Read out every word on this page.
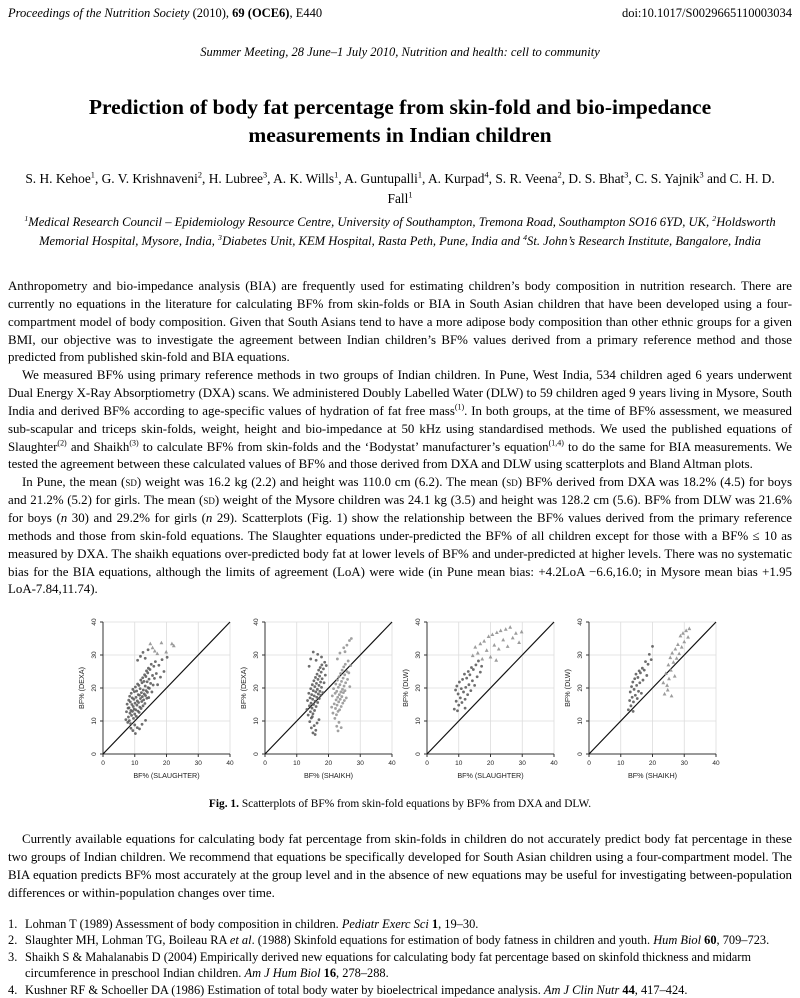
Proceedings of the Nutrition Society (2010), 69 (OCE6), E440	doi:10.1017/S0029665110003034
Summer Meeting, 28 June–1 July 2010, Nutrition and health: cell to community
Prediction of body fat percentage from skin-fold and bio-impedance measurements in Indian children
S. H. Kehoe$^1$, G. V. Krishnaveni$^2$, H. Lubree$^3$, A. K. Wills$^1$, A. Guntupalli$^1$, A. Kurpad$^4$, S. R. Veena$^2$, D. S. Bhat$^3$, C. S. Yajnik$^3$ and C. H. D. Fall$^1$
$^1$Medical Research Council – Epidemiology Resource Centre, University of Southampton, Tremona Road, Southampton SO16 6YD, UK, $^2$Holdsworth Memorial Hospital, Mysore, India, $^3$Diabetes Unit, KEM Hospital, Rasta Peth, Pune, India and $^4$St. John’s Research Institute, Bangalore, India

Anthropometry and bio-impedance analysis (BIA) are frequently used for estimating children’s body composition in nutrition research. There are currently no equations in the literature for calculating BF% from skin-folds or BIA in South Asian children that have been developed using a four-compartment model of body composition. Given that South Asians tend to have a more adipose body composition than other ethnic groups for a given BMI, our objective was to investigate the agreement between Indian children’s BF% values derived from a primary reference method and those predicted from published skin-fold and BIA equations.

We measured BF% using primary reference methods in two groups of Indian children. In Pune, West India, 534 children aged 6 years underwent Dual Energy X-Ray Absorptiometry (DXA) scans. We administered Doubly Labelled Water (DLW) to 59 children aged 9 years living in Mysore, South India and derived BF% according to age-specific values of hydration of fat free mass$^{(1)}$. In both groups, at the time of BF% assessment, we measured sub-scapular and triceps skin-folds, weight, height and bio-impedance at 50 kHz using standardised methods. We used the published equations of Slaughter$^{(2)}$ and Shaikh$^{(3)}$ to calculate BF% from skin-folds and the ‘Bodystat’ manufacturer’s equation$^{(1,4)}$ to do the same for BIA measurements. We tested the agreement between these calculated values of BF% and those derived from DXA and DLW using scatterplots and Bland Altman plots.

In Pune, the mean (sd) weight was 16.2 kg (2.2) and height was 110.0 cm (6.2). The mean (sd) BF% derived from DXA was 18.2% (4.5) for boys and 21.2% (5.2) for girls. The mean (sd) weight of the Mysore children was 24.1 kg (3.5) and height was 128.2 cm (5.6). BF% from DLW was 21.6% for boys (n 30) and 29.2% for girls (n 29). Scatterplots (Fig. 1) show the relationship between the BF% values derived from the primary reference methods and those from skin-fold equations. The Slaughter equations under-predicted the BF% of all children except for those with a BF% ≤ 10 as measured by DXA. The shaikh equations over-predicted body fat at lower levels of BF% and under-predicted at higher levels. There was no systematic bias for the BIA equations, although the limits of agreement (LoA) were wide (in Pune mean bias: +4.2LoA −6.6,16.0; in Mysore mean bias +1.95 LoA-7.84,11.74).

0	10	20	30	40
0
10
20
30
40
BF% (SLAUGHTER)
BF% (DEXA)
0	10	20	30	40
0
10
20
30
40
BF% (SHAIKH)
BF% (DEXA)
0	10	20	30	40
0
10
20
30
40
BF% (SLAUGHTER)
BF% (DLW)
0	10	20	30	40
0
10
20
30
40
BF% (SHAIKH)
BF% (DLW)
Fig. 1. Scatterplots of BF% from skin-fold equations by BF% from DXA and DLW.

Currently available equations for calculating body fat percentage from skin-folds in children do not accurately predict body fat percentage in these two groups of Indian children. We recommend that equations be specifically developed for South Asian children using a four-compartment model. The BIA equation predicts BF% most accurately at the group level and in the absence of new equations may be useful for investigating between-population differences or within-population changes over time.

1. Lohman T (1989) Assessment of body composition in children. Pediatr Exerc Sci 1, 19–30.
2. Slaughter MH, Lohman TG, Boileau RA et al. (1988) Skinfold equations for estimation of body fatness in children and youth. Hum Biol 60, 709–723.
3. Shaikh S & Mahalanabis D (2004) Empirically derived new equations for calculating body fat percentage based on skinfold thickness and midarm circumference in preschool Indian children. Am J Hum Biol 16, 278–288.
4. Kushner RF & Schoeller DA (1986) Estimation of total body water by bioelectrical impedance analysis. Am J Clin Nutr 44, 417–424.
